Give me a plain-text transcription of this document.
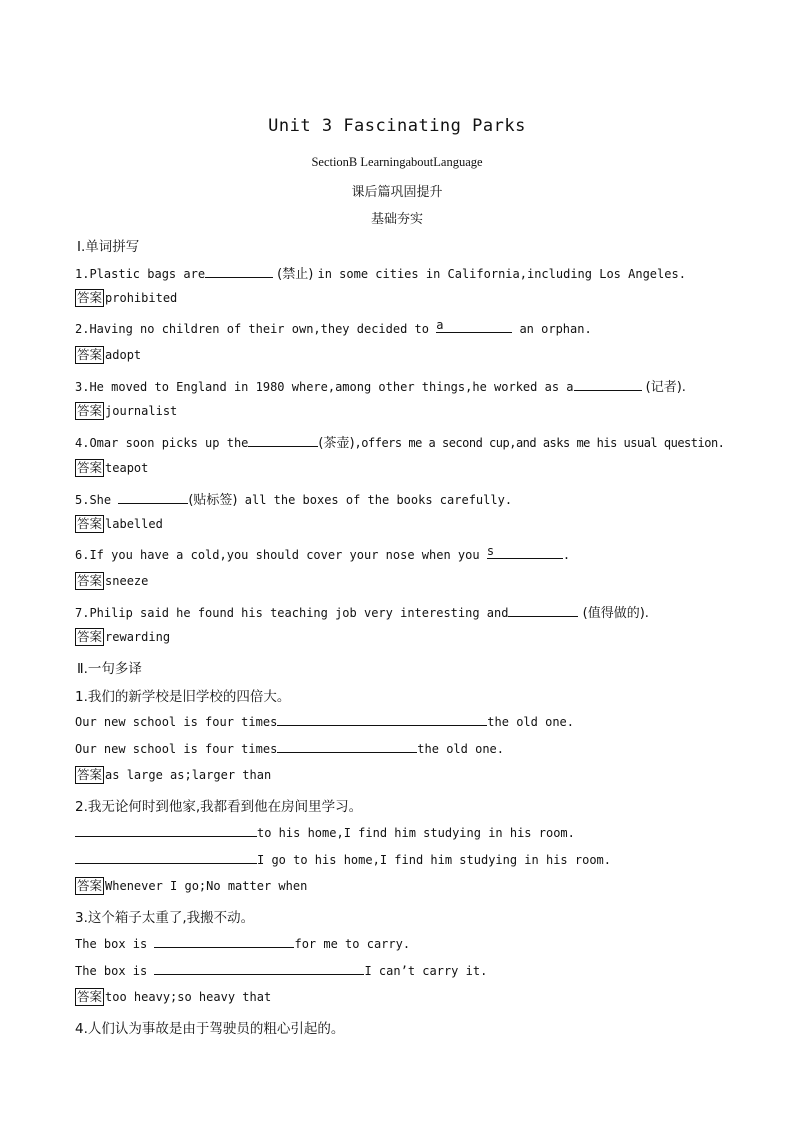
Unit 3 Fascinating Parks
SectionB LearningaboutLanguage
课后篇巩固提升
基础夯实
Ⅰ.单词拼写
1.Plastic bags are	(禁止) in some cities in California,including Los Angeles.
答案 prohibited
2.Having no children of their own,they decided to a	an orphan.
答案 adopt
3.He moved to England in 1980 where,among other things,he worked as a	(记者).
答案 journalist
4.Omar soon picks up the	(茶壶),offers me a second cup,and asks me his usual question.
答案 teapot
5.She	(贴标签) all the boxes of the books carefully.
答案 labelled
6.If you have a cold,you should cover your nose when you s	.
答案 sneeze
7.Philip said he found his teaching job very interesting and	(值得做的).
答案 rewarding
Ⅱ.一句多译
1.我们的新学校是旧学校的四倍大。
Our new school is four times	the old one.
Our new school is four times	the old one.
答案 as large as;larger than
2.我无论何时到他家,我都看到他在房间里学习。
to his home,I find him studying in his room.
I go to his home,I find him studying in his room.
答案 Whenever I go;No matter when
3.这个箱子太重了,我搬不动。
The box is	for me to carry.
The box is	I can’t carry it.
答案 too heavy;so heavy that
4.人们认为事故是由于驾驶员的粗心引起的。
